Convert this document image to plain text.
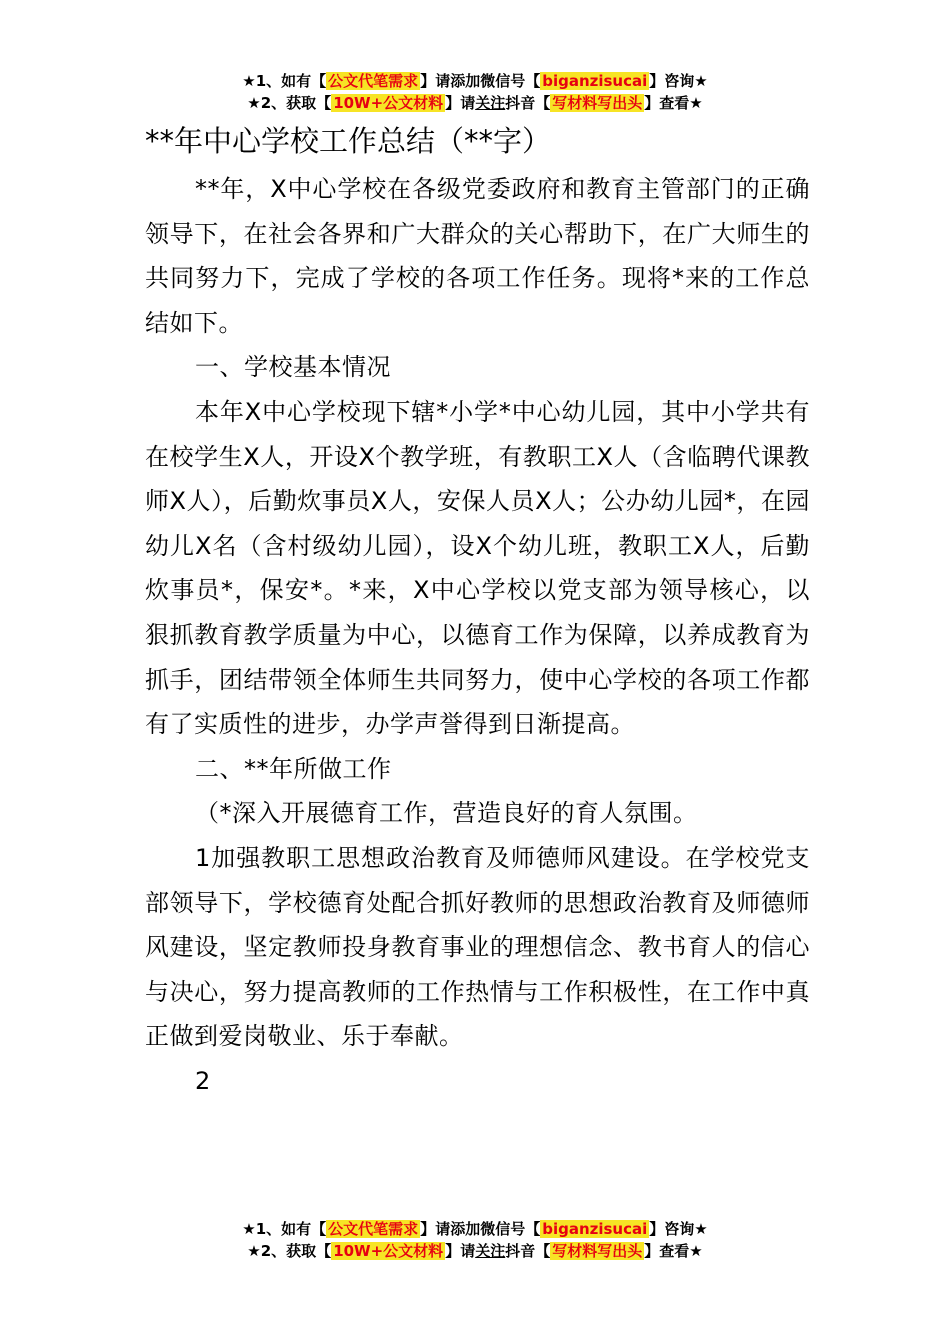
★1、如有【 公文代笔需求 】请添加微信号【 biganzisucai 】咨询★
★2、获取【 10W+公文材料 】请关注抖音【 写材料写出头 】查看★
**年中心学校工作总结（**字）

**年，X中心学校在各级党委政府和教育主管部门的正确领导下，在社会各界和广大群众的关心帮助下，在广大师生的共同努力下，完成了学校的各项工作任务。现将*来的工作总结如下。

一、学校基本情况

本年X中心学校现下辖*小学*中心幼儿园，其中小学共有在校学生X人，开设X个教学班，有教职工X人（含临聘代课教师X人），后勤炊事员X人，安保人员X人；公办幼儿园*，在园幼儿X名（含村级幼儿园），设X个幼儿班，教职工X人，后勤炊事员*，保安*。*来，X中心学校以党支部为领导核心，以狠抓教育教学质量为中心，以德育工作为保障，以养成教育为抓手，团结带领全体师生共同努力，使中心学校的各项工作都有了实质性的进步，办学声誉得到日渐提高。

二、**年所做工作

（*深入开展德育工作，营造良好的育人氛围。

1加强教职工思想政治教育及师德师风建设。在学校党支部领导下，学校德育处配合抓好教师的思想政治教育及师德师风建设，坚定教师投身教育事业的理想信念、教书育人的信心与决心，努力提高教师的工作热情与工作积极性，在工作中真正做到爱岗敬业、乐于奉献。

2

★1、如有【 公文代笔需求 】请添加微信号【 biganzisucai 】咨询★
★2、获取【 10W+公文材料 】请关注抖音【 写材料写出头 】查看★
